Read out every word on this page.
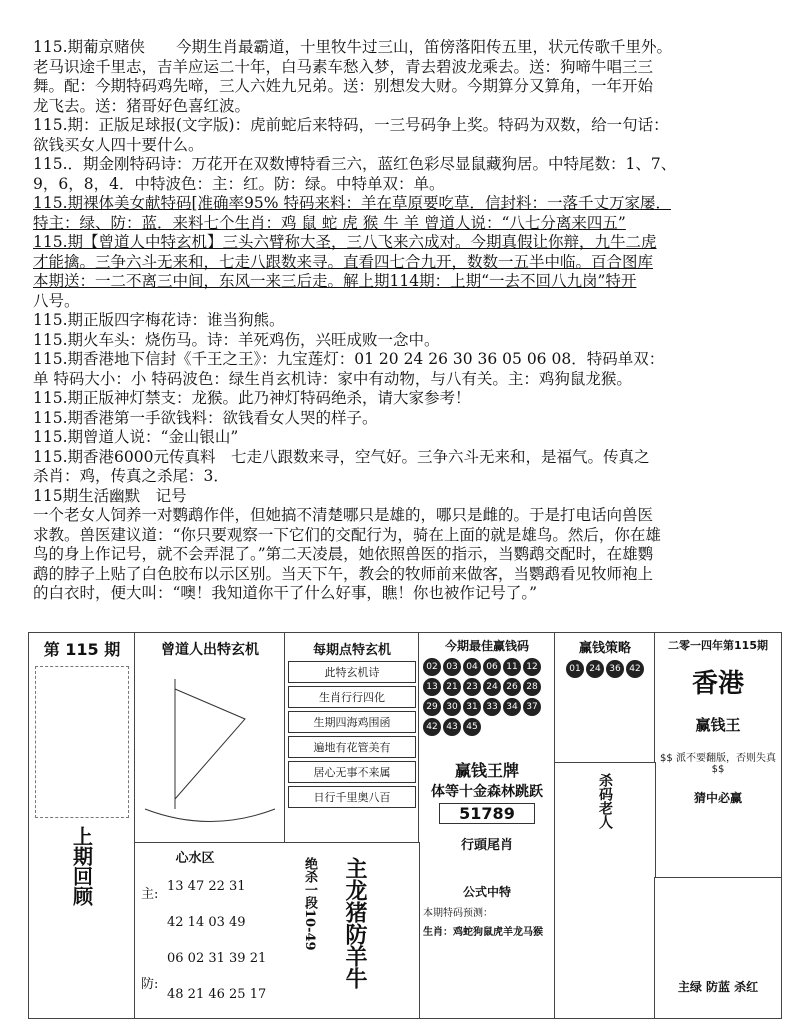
115.期葡京赌侠　　今期生肖最霸道，十里牧牛过三山，笛傍落阳传五里，状元传歌千里外。
老马识途千里志，吉羊应运二十年，白马素车愁入梦，青去碧波龙乘去。送：狗啼牛唱三三
舞。配：今期特码鸡先啼，三人六姓九兄弟。送：别想发大财。今期算分又算角，一年开始
龙飞去。送：猪哥好色喜红波。
115.期：正版足球报(文字版)：虎前蛇后来特码，一三号码争上奖。特码为双数，给一句话：
欲钱买女人四十要什么。
115.．期金刚特码诗：万花开在双数博特看三六，蓝红色彩尽显鼠藏狗居。中特尾数：1、7、
9，6，8，4．中特波色：主：红。防：绿。中特单双：单。
115.期裸体美女献特码[准确率95% 特码来料：羊在草原要吃草．信封料：一落千丈万家屡．
特主：绿、防：蓝．来料七个生肖：鸡 鼠 蛇 虎 猴 牛 羊 曾道人说：“八七分离来四五”
115.期【曾道人中特玄机】三头六臂称大圣，三八飞来六成对。今期真假让你辩，九牛二虎
才能擒。三争六斗无来和，七走八跟数来寻。直看四七合九开，数数一五半中临。百合图库
本期送：一二不离三中间，东风一来三后走。解上期114期：上期“一去不回八九岗”特开
八号。
115.期正版四字梅花诗：谁当狗熊。
115.期火车头：烧伤马。诗：羊死鸡伤，兴旺成败一念中。
115.期香港地下信封《千王之王》：九宝莲灯：01 20 24 26 30 36 05 06 08．特码单双：
单 特码大小：小 特码波色：绿生肖玄机诗：家中有动物，与八有关。主：鸡狗鼠龙猴。
115.期正版神灯禁支：龙猴。此乃神灯特码绝杀，请大家参考！
115.期香港第一手欲钱料：欲钱看女人哭的样子。
115.期曾道人说：“金山银山”
115.期香港6000元传真料　七走八跟数来寻，空气好。三争六斗无来和，是福气。传真之
杀肖：鸡，传真之杀尾：3．
115期生活幽默　记号
一个老女人饲养一对鹦鹉作伴，但她搞不清楚哪只是雄的，哪只是雌的。于是打电话向兽医
求教。兽医建议道：“你只要观察一下它们的交配行为，骑在上面的就是雄鸟。然后，你在雄
鸟的身上作记号，就不会弄混了。”第二天凌晨，她依照兽医的指示，当鹦鹉交配时，在雄鹦
鹉的脖子上贴了白色胶布以示区别。当天下午，教会的牧师前来做客，当鹦鹉看见牧师袍上
的白衣时，便大叫：“噢！我知道你干了什么好事，瞧！你也被作记号了。”
第 115 期
上期回顾
曾道人出特玄机	每期点特玄机
此特玄机诗
生肖行行四化
生期四海鸡围函
遍地有花管美有
居心无事不来属
日行千里奥八百
今期最佳赢钱码
02 03 04 06 11 12
13 21 23 24 26 28
29 30 31 33 34 37
42 43 45
赢钱王牌
体等十金森林跳跃
51789
行頭尾肖
公式中特
本期特码预测：
生肖：鸡蛇狗鼠虎羊龙马猴
赢钱策略
01 24 36 42
二零一四年第115期
香港
赢钱王
$$ 派不要翻版，否则失真 $$
猜中必赢
心水区
主:
防:
13 47 22 31
42 14 03 49
06 02 31 39 21
48 21 46 25 17
绝杀一段10-49 主龙猪防羊牛
杀码老人
主绿 防蓝 杀红
